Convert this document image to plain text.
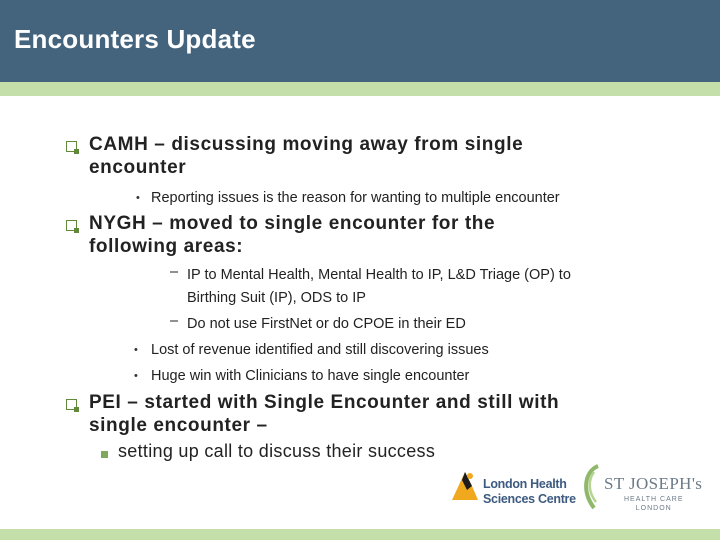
Encounters Update
CAMH – discussing moving away from single
encounter
• Reporting issues is the reason for wanting to multiple encounter
NYGH – moved to single encounter for the
following areas:
– IP to Mental Health, Mental Health to IP, L&D Triage (OP) to
Birthing Suit (IP), ODS to IP
– Do not use FirstNet or do CPOE in their ED
• Lost of revenue identified and still discovering issues
• Huge win with Clinicians to have single encounter
PEI – started with Single Encounter and still with
single encounter –
setting up call to discuss their success
London Health
Sciences Centre
ST JOSEPH's
HEALTH CARE
LONDON
